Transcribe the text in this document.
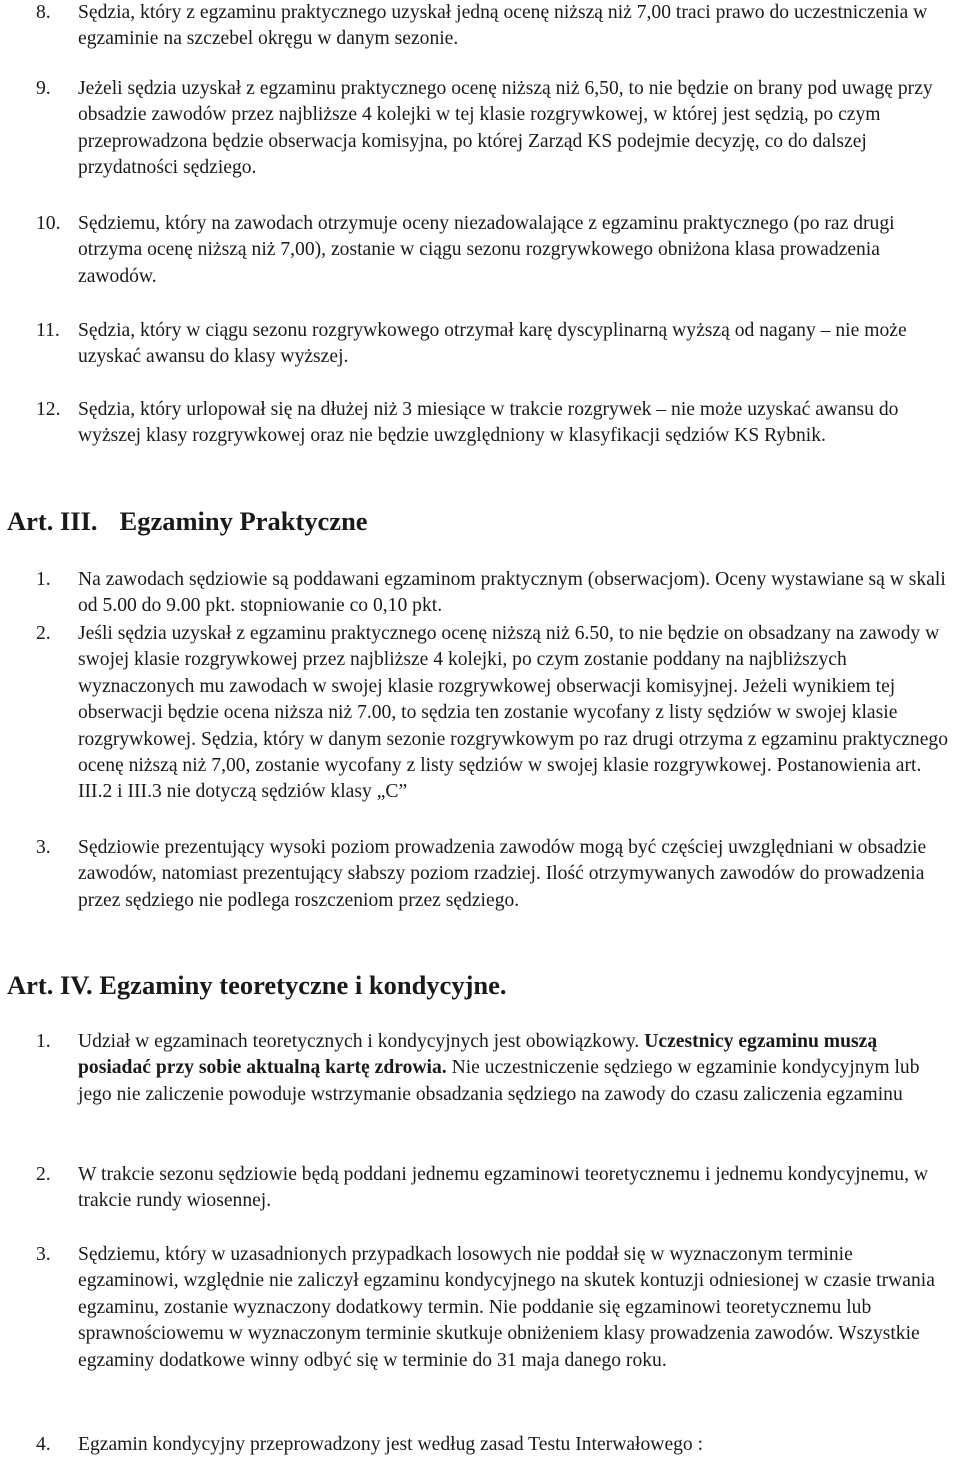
8. Sędzia, który z egzaminu praktycznego uzyskał jedną ocenę niższą niż 7,00 traci prawo do uczestniczenia w egzaminie na szczebel okręgu w danym sezonie.
9. Jeżeli sędzia uzyskał z egzaminu praktycznego ocenę niższą niż 6,50, to nie będzie on brany pod uwagę przy obsadzie zawodów przez najbliższe 4 kolejki w tej klasie rozgrywkowej, w której jest sędzią, po czym przeprowadzona będzie obserwacja komisyjna, po której Zarząd KS podejmie decyzję, co do dalszej przydatności sędziego.
10. Sędziemu, który na zawodach otrzymuje oceny niezadowalające z egzaminu praktycznego (po raz drugi otrzyma ocenę niższą niż 7,00), zostanie w ciągu sezonu rozgrywkowego obniżona klasa prowadzenia zawodów.
11. Sędzia, który w ciągu sezonu rozgrywkowego otrzymał karę dyscyplinarną wyższą od nagany – nie może uzyskać awansu do klasy wyższej.
12. Sędzia, który urlopował się na dłużej niż 3 miesiące w trakcie rozgrywek – nie może uzyskać awansu do wyższej klasy rozgrywkowej oraz nie będzie uwzględniony w klasyfikacji sędziów KS Rybnik.
Art. III. Egzaminy Praktyczne
1. Na zawodach sędziowie są poddawani egzaminom praktycznym (obserwacjom). Oceny wystawiane są w skali od 5.00 do 9.00 pkt. stopniowanie co 0,10 pkt.
2. Jeśli sędzia uzyskał z egzaminu praktycznego ocenę niższą niż 6.50, to nie będzie on obsadzany na zawody w swojej klasie rozgrywkowej przez najbliższe 4 kolejki, po czym zostanie poddany na najbliższych wyznaczonych mu zawodach w swojej klasie rozgrywkowej obserwacji komisyjnej. Jeżeli wynikiem tej obserwacji będzie ocena niższa niż 7.00, to sędzia ten zostanie wycofany z listy sędziów w swojej klasie rozgrywkowej. Sędzia, który w danym sezonie rozgrywkowym po raz drugi otrzyma z egzaminu praktycznego ocenę niższą niż 7,00, zostanie wycofany z listy sędziów w swojej klasie rozgrywkowej. Postanowienia art. III.2 i III.3 nie dotyczą sędziów klasy „C”
3. Sędziowie prezentujący wysoki poziom prowadzenia zawodów mogą być częściej uwzględniani w obsadzie zawodów, natomiast prezentujący słabszy poziom rzadziej. Ilość otrzymywanych zawodów do prowadzenia przez sędziego nie podlega roszczeniom przez sędziego.
Art. IV. Egzaminy teoretyczne i kondycyjne.
1. Udział w egzaminach teoretycznych i kondycyjnych jest obowiązkowy. Uczestnicy egzaminu muszą posiadać przy sobie aktualną kartę zdrowia. Nie uczestniczenie sędziego w egzaminie kondycyjnym lub jego nie zaliczenie powoduje wstrzymanie obsadzania sędziego na zawody do czasu zaliczenia egzaminu
2. W trakcie sezonu sędziowie będą poddani jednemu egzaminowi teoretycznemu i jednemu kondycyjnemu, w trakcie rundy wiosennej.
3. Sędziemu, który w uzasadnionych przypadkach losowych nie poddał się w wyznaczonym terminie egzaminowi, względnie nie zaliczył egzaminu kondycyjnego na skutek kontuzji odniesionej w czasie trwania egzaminu, zostanie wyznaczony dodatkowy termin. Nie poddanie się egzaminowi teoretycznemu lub sprawnościowemu w wyznaczonym terminie skutkuje obniżeniem klasy prowadzenia zawodów. Wszystkie egzaminy dodatkowe winny odbyć się w terminie do 31 maja danego roku.
4. Egzamin kondycyjny przeprowadzony jest według zasad Testu Interwałowego :
